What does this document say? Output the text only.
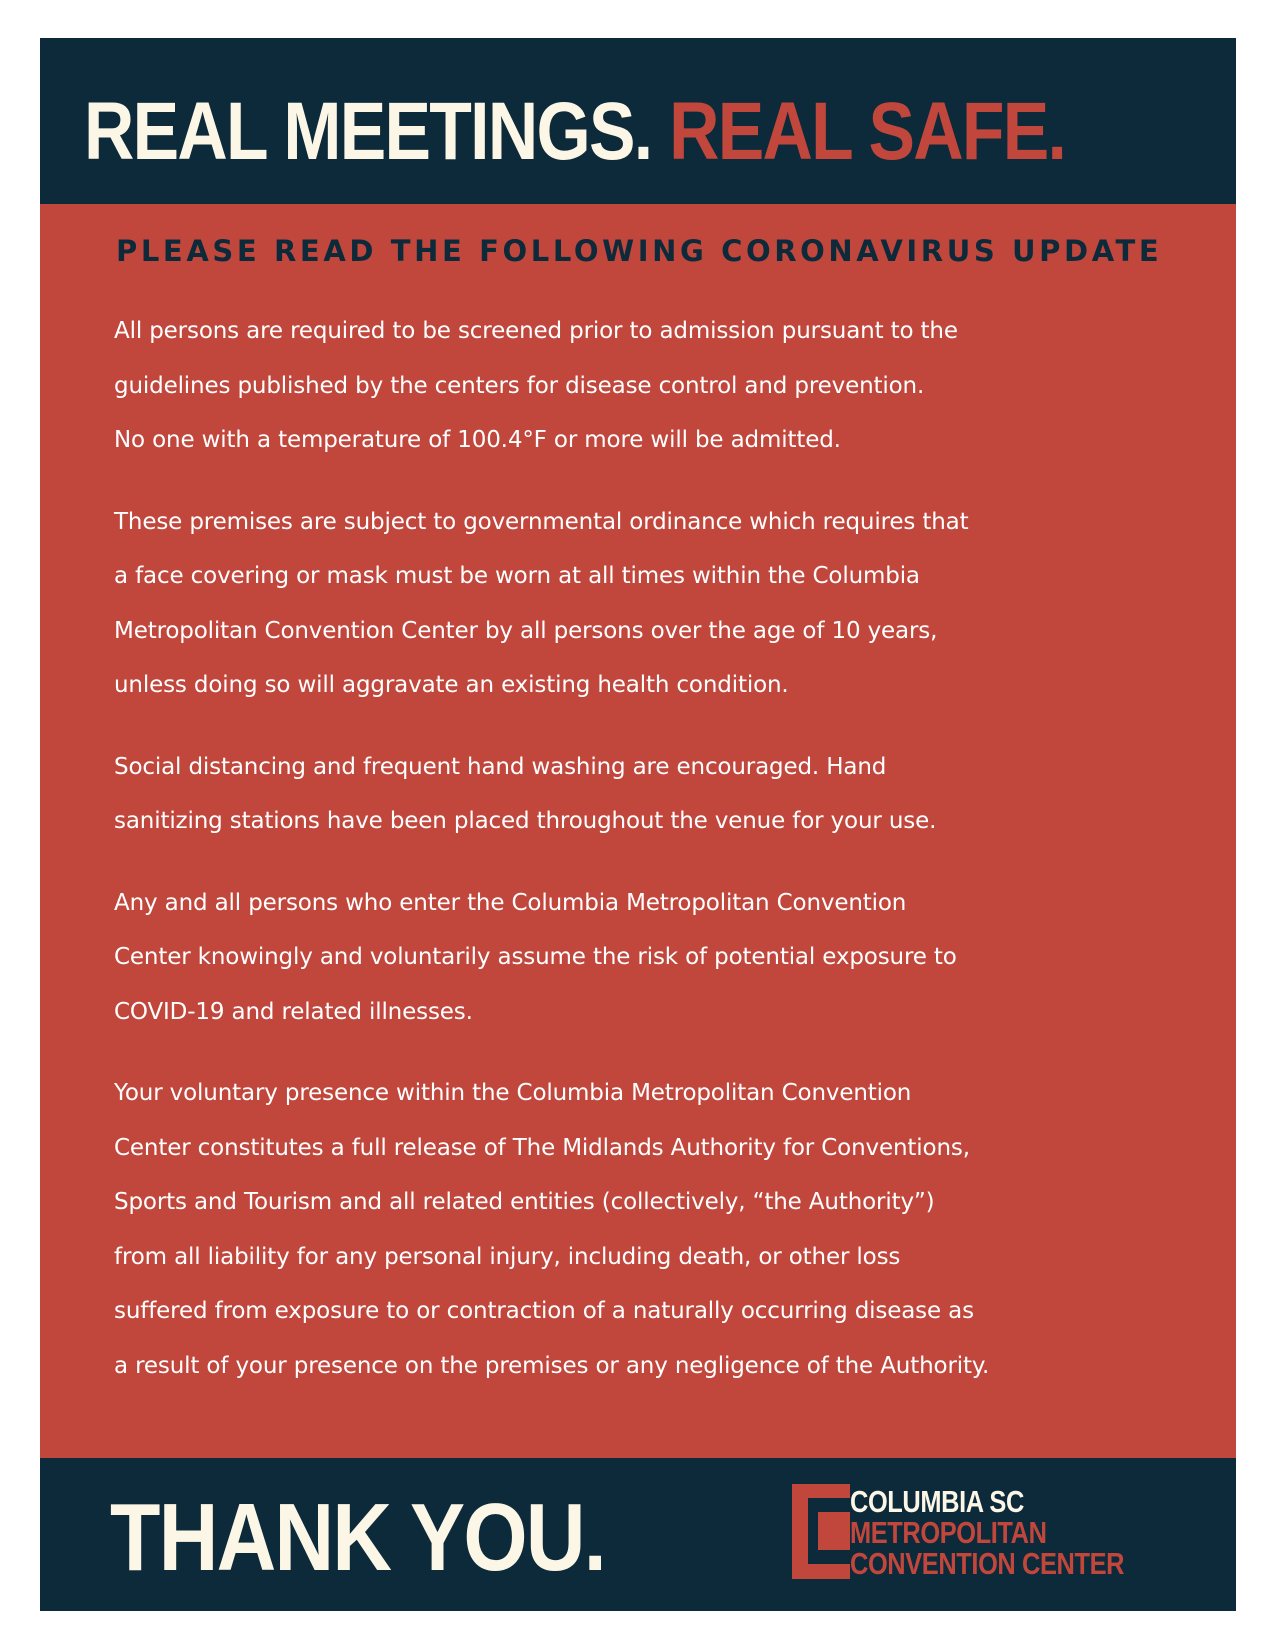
REAL MEETINGS. REAL SAFE.
PLEASE READ THE FOLLOWING CORONAVIRUS UPDATE

All persons are required to be screened prior to admission pursuant to the
guidelines published by the centers for disease control and prevention.
No one with a temperature of 100.4°F or more will be admitted.

These premises are subject to governmental ordinance which requires that
a face covering or mask must be worn at all times within the Columbia
Metropolitan Convention Center by all persons over the age of 10 years,
unless doing so will aggravate an existing health condition.

Social distancing and frequent hand washing are encouraged. Hand
sanitizing stations have been placed throughout the venue for your use.

Any and all persons who enter the Columbia Metropolitan Convention
Center knowingly and voluntarily assume the risk of potential exposure to
COVID-19 and related illnesses.

Your voluntary presence within the Columbia Metropolitan Convention
Center constitutes a full release of The Midlands Authority for Conventions,
Sports and Tourism and all related entities (collectively, “the Authority”)
from all liability for any personal injury, including death, or other loss
suffered from exposure to or contraction of a naturally occurring disease as
a result of your presence on the premises or any negligence of the Authority.

THANK YOU.	COLUMBIA SC
METROPOLITAN
CONVENTION CENTER
